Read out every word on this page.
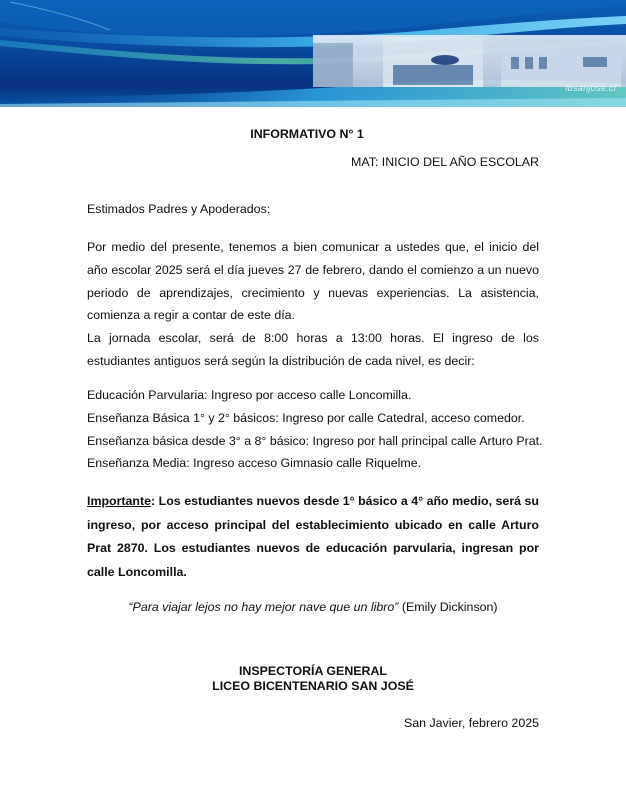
lbsanjose.cl
INFORMATIVO N° 1
MAT: INICIO DEL AÑO ESCOLAR
Estimados Padres y Apoderados:

Por medio del presente, tenemos a bien comunicar a ustedes que, el inicio del año escolar 2025 será el día jueves 27 de febrero, dando el comienzo a un nuevo periodo de aprendizajes, crecimiento y nuevas experiencias. La asistencia, comienza a regir a contar de este día.

La jornada escolar, será de 8:00 horas a 13:00 horas. El ingreso de los estudiantes antiguos será según la distribución de cada nivel, es decir:

Educación Parvularia: Ingreso por acceso calle Loncomilla.
Enseñanza Básica 1° y 2° básicos: Ingreso por calle Catedral, acceso comedor.
Enseñanza básica desde 3° a 8° básico: Ingreso por hall principal calle Arturo Prat.
Enseñanza Media: Ingreso acceso Gimnasio calle Riquelme.
Importante: Los estudiantes nuevos desde 1° básico a 4° año medio, será su ingreso, por acceso principal del establecimiento ubicado en calle Arturo Prat 2870. Los estudiantes nuevos de educación parvularia, ingresan por calle Loncomilla.
“Para viajar lejos no hay mejor nave que un libro” (Emily Dickinson)
INSPECTORÍA GENERAL
LICEO BICENTENARIO SAN JOSÉ
San Javier, febrero 2025
